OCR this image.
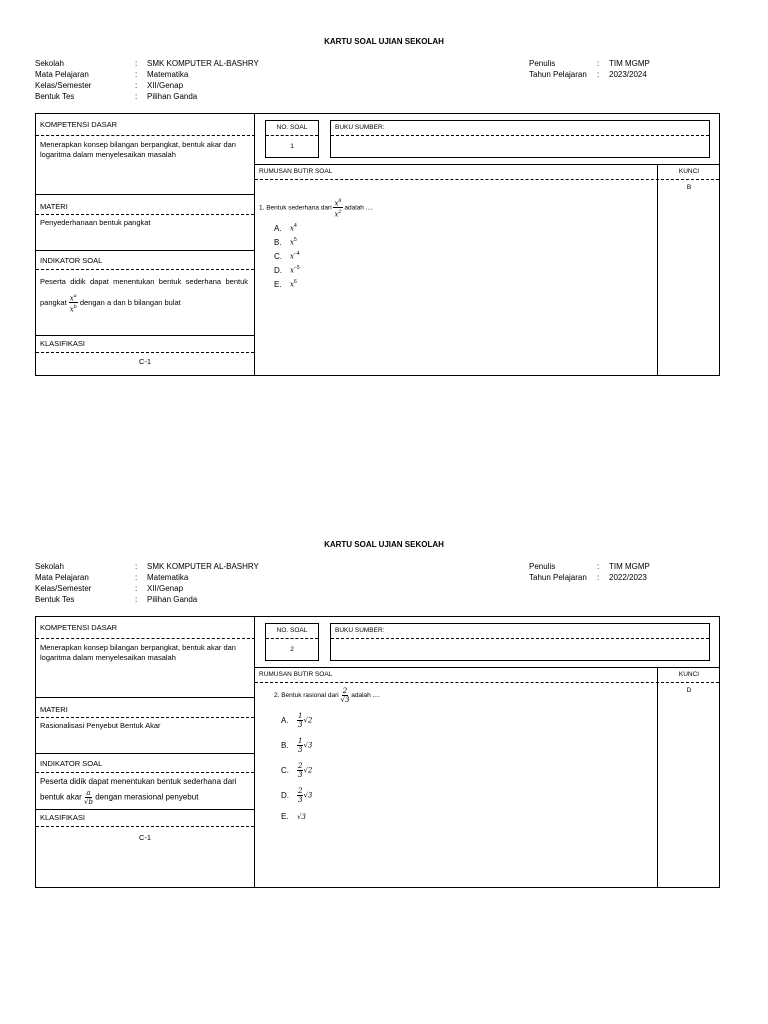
KARTU SOAL UJIAN SEKOLAH
Sekolah	:	SMK KOMPUTER AL-BASHRY
Mata Pelajaran	:	Matematika
Kelas/Semester	:	XII/Genap
Bentuk Tes	:	Pilihan Ganda
Penulis	:	TIM MGMP
Tahun Pelajaran	:	2023/2024
KOMPETENSI DASAR
Menerapkan konsep bilangan berpangkat, bentuk akar dan logaritma dalam menyelesaikan masalah
MATERI
Penyederhanaan bentuk pangkat
INDIKATOR SOAL
Peserta didik dapat menentukan bentuk sederhana bentuk pangkat $\frac{x^a}{x^b}$ dengan a dan b bilangan bulat
KLASIFIKASI
C-1
NO. SOAL
1
BUKU SUMBER:
RUMUSAN BUTIR SOAL	KUNCI
B
1. Bentuk sederhana dari $\frac{x^8}{x^2}$ adalah ....
A. $x^4$
B. $x^5$
C. $x^{-4}$
D. $x^{-5}$
E. $x^6$
KARTU SOAL UJIAN SEKOLAH
Sekolah	:	SMK KOMPUTER AL-BASHRY
Mata Pelajaran	:	Matematika
Kelas/Semester	:	XII/Genap
Bentuk Tes	:	Pilihan Ganda
Penulis	:	TIM MGMP
Tahun Pelajaran	:	2022/2023
KOMPETENSI DASAR
Menerapkan konsep bilangan berpangkat, bentuk akar dan logaritma dalam menyelesaikan masalah
MATERI
Rasionalisasi Penyebut Bentuk Akar
INDIKATOR SOAL
Peserta didik dapat menentukan bentuk sederhana dari bentuk akar $\frac{a}{√b}$ dengan merasional penyebut
KLASIFIKASI
C-1
NO. SOAL
2
BUKU SUMBER:
RUMUSAN BUTIR SOAL	KUNCI
D
2. Bentuk rasional dari $\frac{2}{√3}$ adalah ....
A. $\frac{1}{3} √2$
B. $\frac{1}{3} √3$
C. $\frac{2}{3} √2$
D. $\frac{2}{3} √3$
E. √3
